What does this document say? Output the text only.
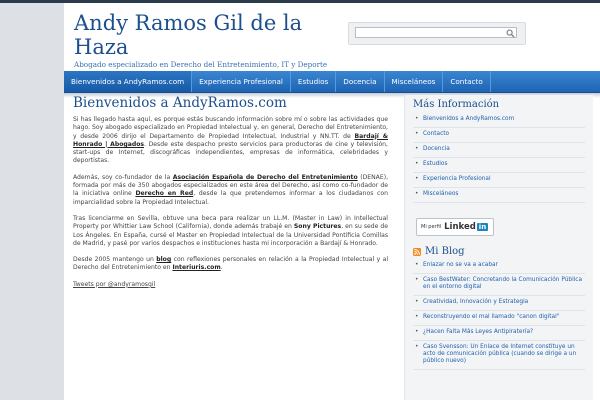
Andy Ramos Gil de la Haza
Abogado especializado en Derecho del Entretenimiento, IT y Deporte
Bienvenidos a AndyRamos.com	Experiencia Profesional	Estudios	Docencia	Misceláneos	Contacto
Bienvenidos a AndyRamos.com

Si has llegado hasta aquí, es porque estás buscando información sobre mí o sobre las actividades que hago. Soy abogado especializado en Propiedad Intelectual y, en general, Derecho del Entretenimiento, y desde 2006 dirijo el Departamento de Propiedad Intelectual, Industrial y NN.TT. de Bardají & Honrado | Abogados. Desde este despacho presto servicios para productoras de cine y televisión, start-ups de Internet, discográficas independientes, empresas de informática, celebridades y deportistas.

Además, soy co-fundador de la Asociación Española de Derecho del Entretenimiento (DENAE), formada por más de 350 abogados especializados en este área del Derecho, así como co-fundador de la iniciativa online Derecho en Red, desde la que pretendemos informar a los ciudadanos con imparcialidad sobre la Propiedad Intelectual.

Tras licenciarme en Sevilla, obtuve una beca para realizar un LL.M. (Master in Law) in Intellectual Property por Whittier Law School (California), donde además trabajé en Sony Pictures, en su sede de Los Ángeles. En España, cursé el Master en Propiedad Intelectual de la Universidad Pontificia Comillas de Madrid, y pasé por varios despachos e instituciones hasta mi incorporación a Bardají & Honrado.

Desde 2005 mantengo un blog con reflexiones personales en relación a la Propiedad Intelectual y al Derecho del Entretenimiento en Interiuris.com.

Tweets por @andyramosgil
Más Información
• Bienvenidos a AndyRamos.com
• Contacto
• Docencia
• Estudios
• Experiencia Profesional
• Misceláneos
Mi perfil Linked in
Mi Blog
• Enlazar no se va a acabar
• Caso BestWater: Concretando la Comunicación Pública en el entorno digital
• Creatividad, Innovación y Estrategia
• Reconstruyendo el mal llamado "canon digital"
• ¿Hacen Falta Más Leyes Antipiratería?
• Caso Svensson: Un Enlace de Internet constituye un acto de comunicación pública (cuando se dirige a un público nuevo)
